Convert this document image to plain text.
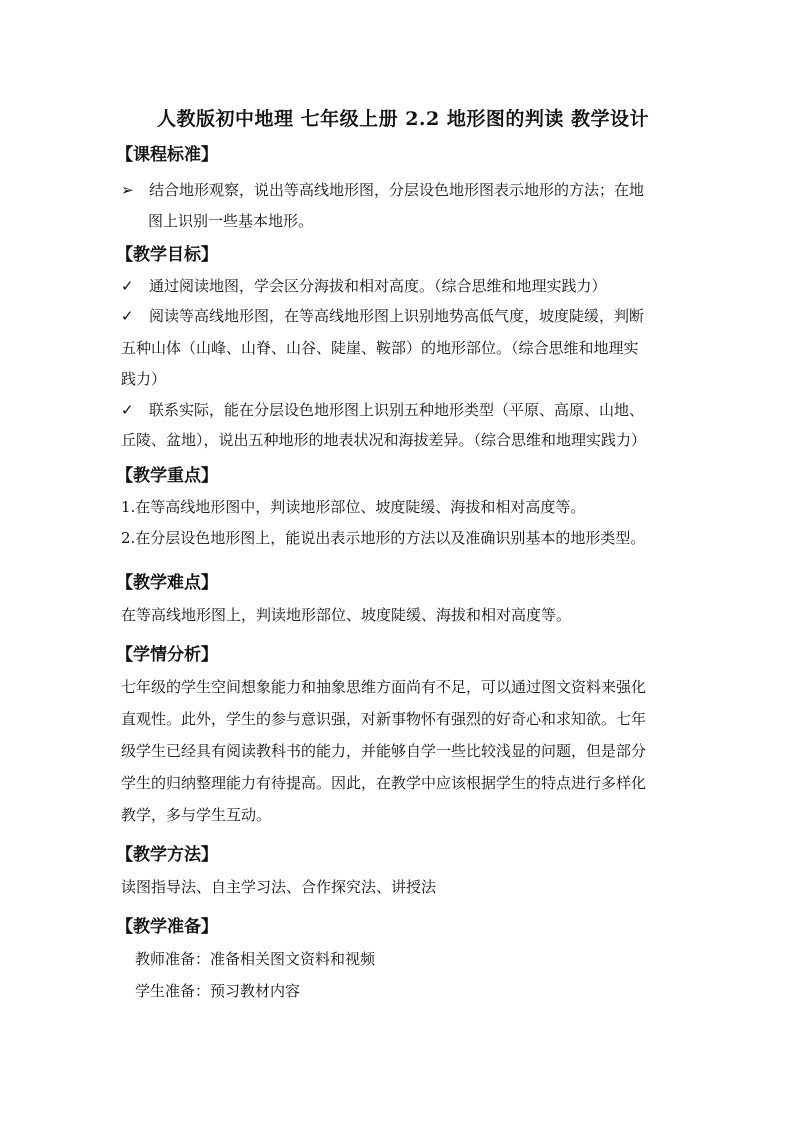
人教版初中地理 七年级上册 2.2 地形图的判读 教学设计
【课程标准】
➢ 结合地形观察，说出等高线地形图，分层设色地形图表示地形的方法；在地
图上识别一些基本地形。
【教学目标】
✓ 通过阅读地图，学会区分海拔和相对高度。（综合思维和地理实践力）
✓ 阅读等高线地形图，在等高线地形图上识别地势高低气度，坡度陡缓，判断
五种山体（山峰、山脊、山谷、陡崖、鞍部）的地形部位。（综合思维和地理实
践力）
✓ 联系实际，能在分层设色地形图上识别五种地形类型（平原、高原、山地、
丘陵、盆地），说出五种地形的地表状况和海拔差异。（综合思维和地理实践力）
【教学重点】
1.在等高线地形图中，判读地形部位、坡度陡缓、海拔和相对高度等。
2.在分层设色地形图上，能说出表示地形的方法以及准确识别基本的地形类型。
【教学难点】
在等高线地形图上，判读地形部位、坡度陡缓、海拔和相对高度等。
【学情分析】
七年级的学生空间想象能力和抽象思维方面尚有不足，可以通过图文资料来强化
直观性。此外，学生的参与意识强，对新事物怀有强烈的好奇心和求知欲。七年
级学生已经具有阅读教科书的能力，并能够自学一些比较浅显的问题，但是部分
学生的归纳整理能力有待提高。因此，在教学中应该根据学生的特点进行多样化
教学，多与学生互动。
【教学方法】
读图指导法、自主学习法、合作探究法、讲授法
【教学准备】
教师准备：准备相关图文资料和视频
学生准备：预习教材内容
